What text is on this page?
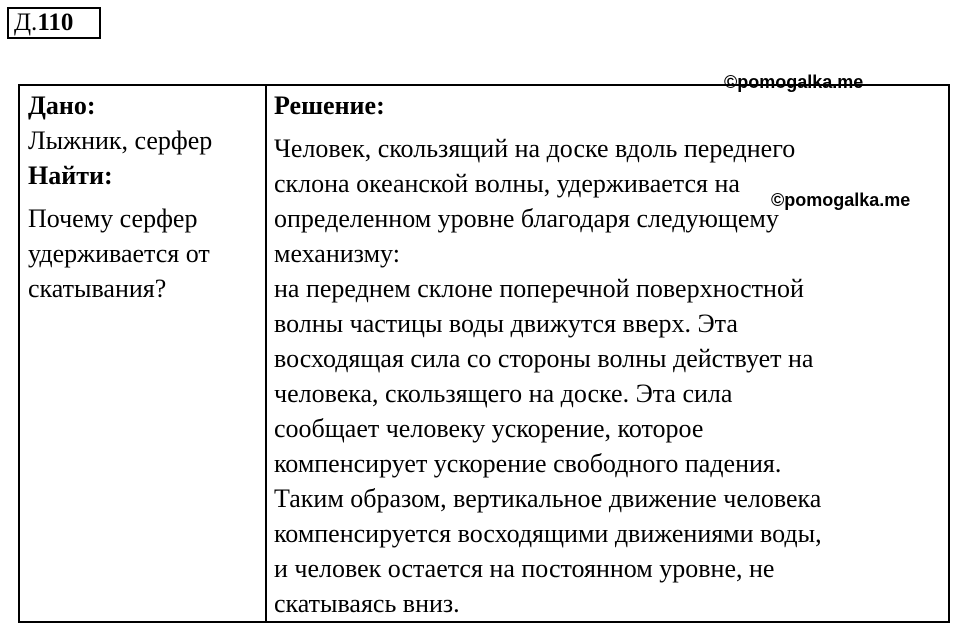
Д.110
Дано:
Лыжник, серфер
Найти:
Почему серфер
удерживается от
скатывания?

Решение:
Человек, скользящий на доске вдоль переднего
склона океанской волны, удерживается на
определенном уровне благодаря следующему
механизму:
на переднем склоне поперечной поверхностной
волны частицы воды движутся вверх. Эта
восходящая сила со стороны волны действует на
человека, скользящего на доске. Эта сила
сообщает человеку ускорение, которое
компенсирует ускорение свободного падения.
Таким образом, вертикальное движение человека
компенсируется восходящими движениями воды,
и человек остается на постоянном уровне, не
скатываясь вниз.
©pomogalka.me
©pomogalka.me
